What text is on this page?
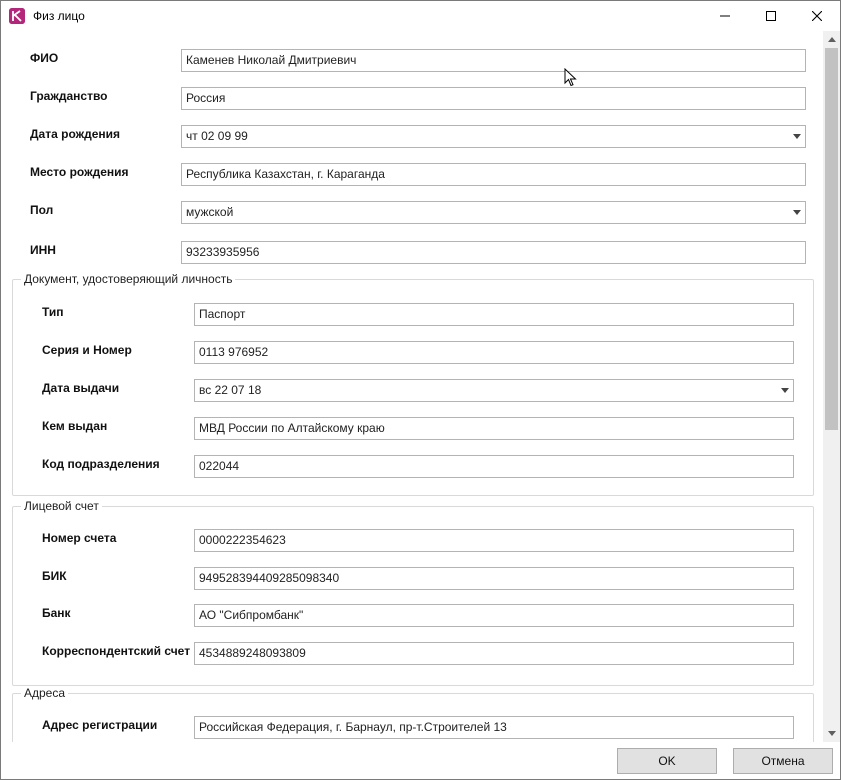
Физ лицо
ФИО	Каменев Николай Дмитриевич
Гражданство	Россия
Дата рождения	чт 02 09 99
Место рождения	Республика Казахстан, г. Караганда
Пол	мужской
ИНН	93233935956
Документ, удостоверяющий личность
Тип	Паспорт
Серия и Номер	0113 976952
Дата выдачи	вс 22 07 18
Кем выдан	МВД России по Алтайскому краю
Код подразделения	022044
Лицевой счет
Номер счета	0000222354623
БИК	949528394409285098340
Банк	АО "Сибпромбанк"
Корреспондентский счет 4534889248093809
Адреса
Адрес регистрации	Российская Федерация, г. Барнаул, пр-т.Строителей 13
OK	Отмена
